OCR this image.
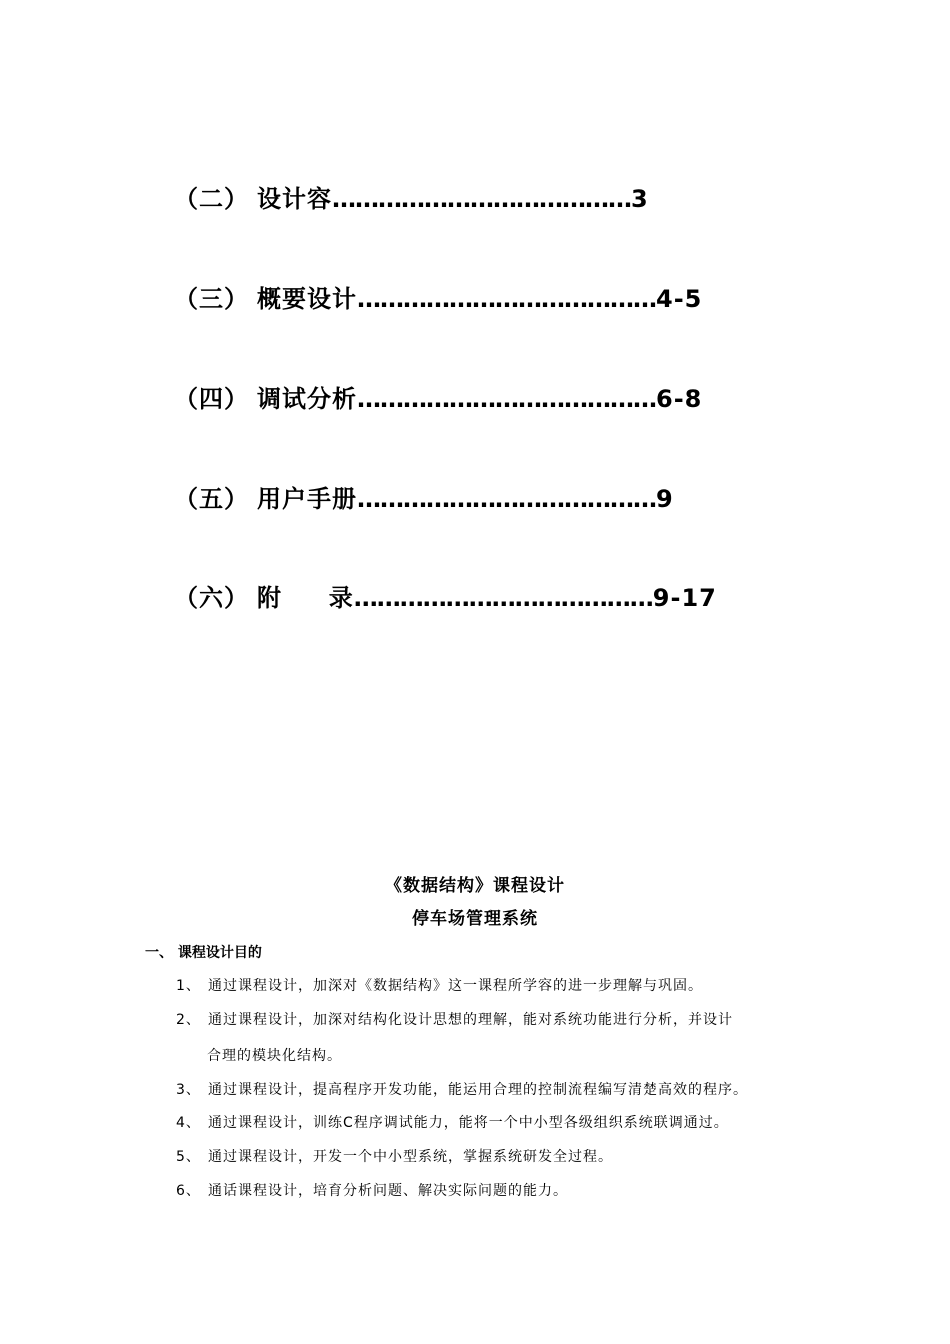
（二） 设计容…………………………………3
（三） 概要设计…………………………………4-5
（四） 调试分析…………………………………6-8
（五） 用户手册…………………………………9
（六） 附     录…………………………………9-17
《数据结构》课程设计
停车场管理系统
一、 课程设计目的
1、 通过课程设计，加深对《数据结构》这一课程所学容的进一步理解与巩固。
2、 通过课程设计，加深对结构化设计思想的理解，能对系统功能进行分析，并设计
合理的模块化结构。
3、 通过课程设计，提高程序开发功能，能运用合理的控制流程编写清楚高效的程序。
4、 通过课程设计，训练C程序调试能力，能将一个中小型各级组织系统联调通过。
5、 通过课程设计，开发一个中小型系统，掌握系统研发全过程。
6、 通话课程设计，培育分析问题、解决实际问题的能力。
